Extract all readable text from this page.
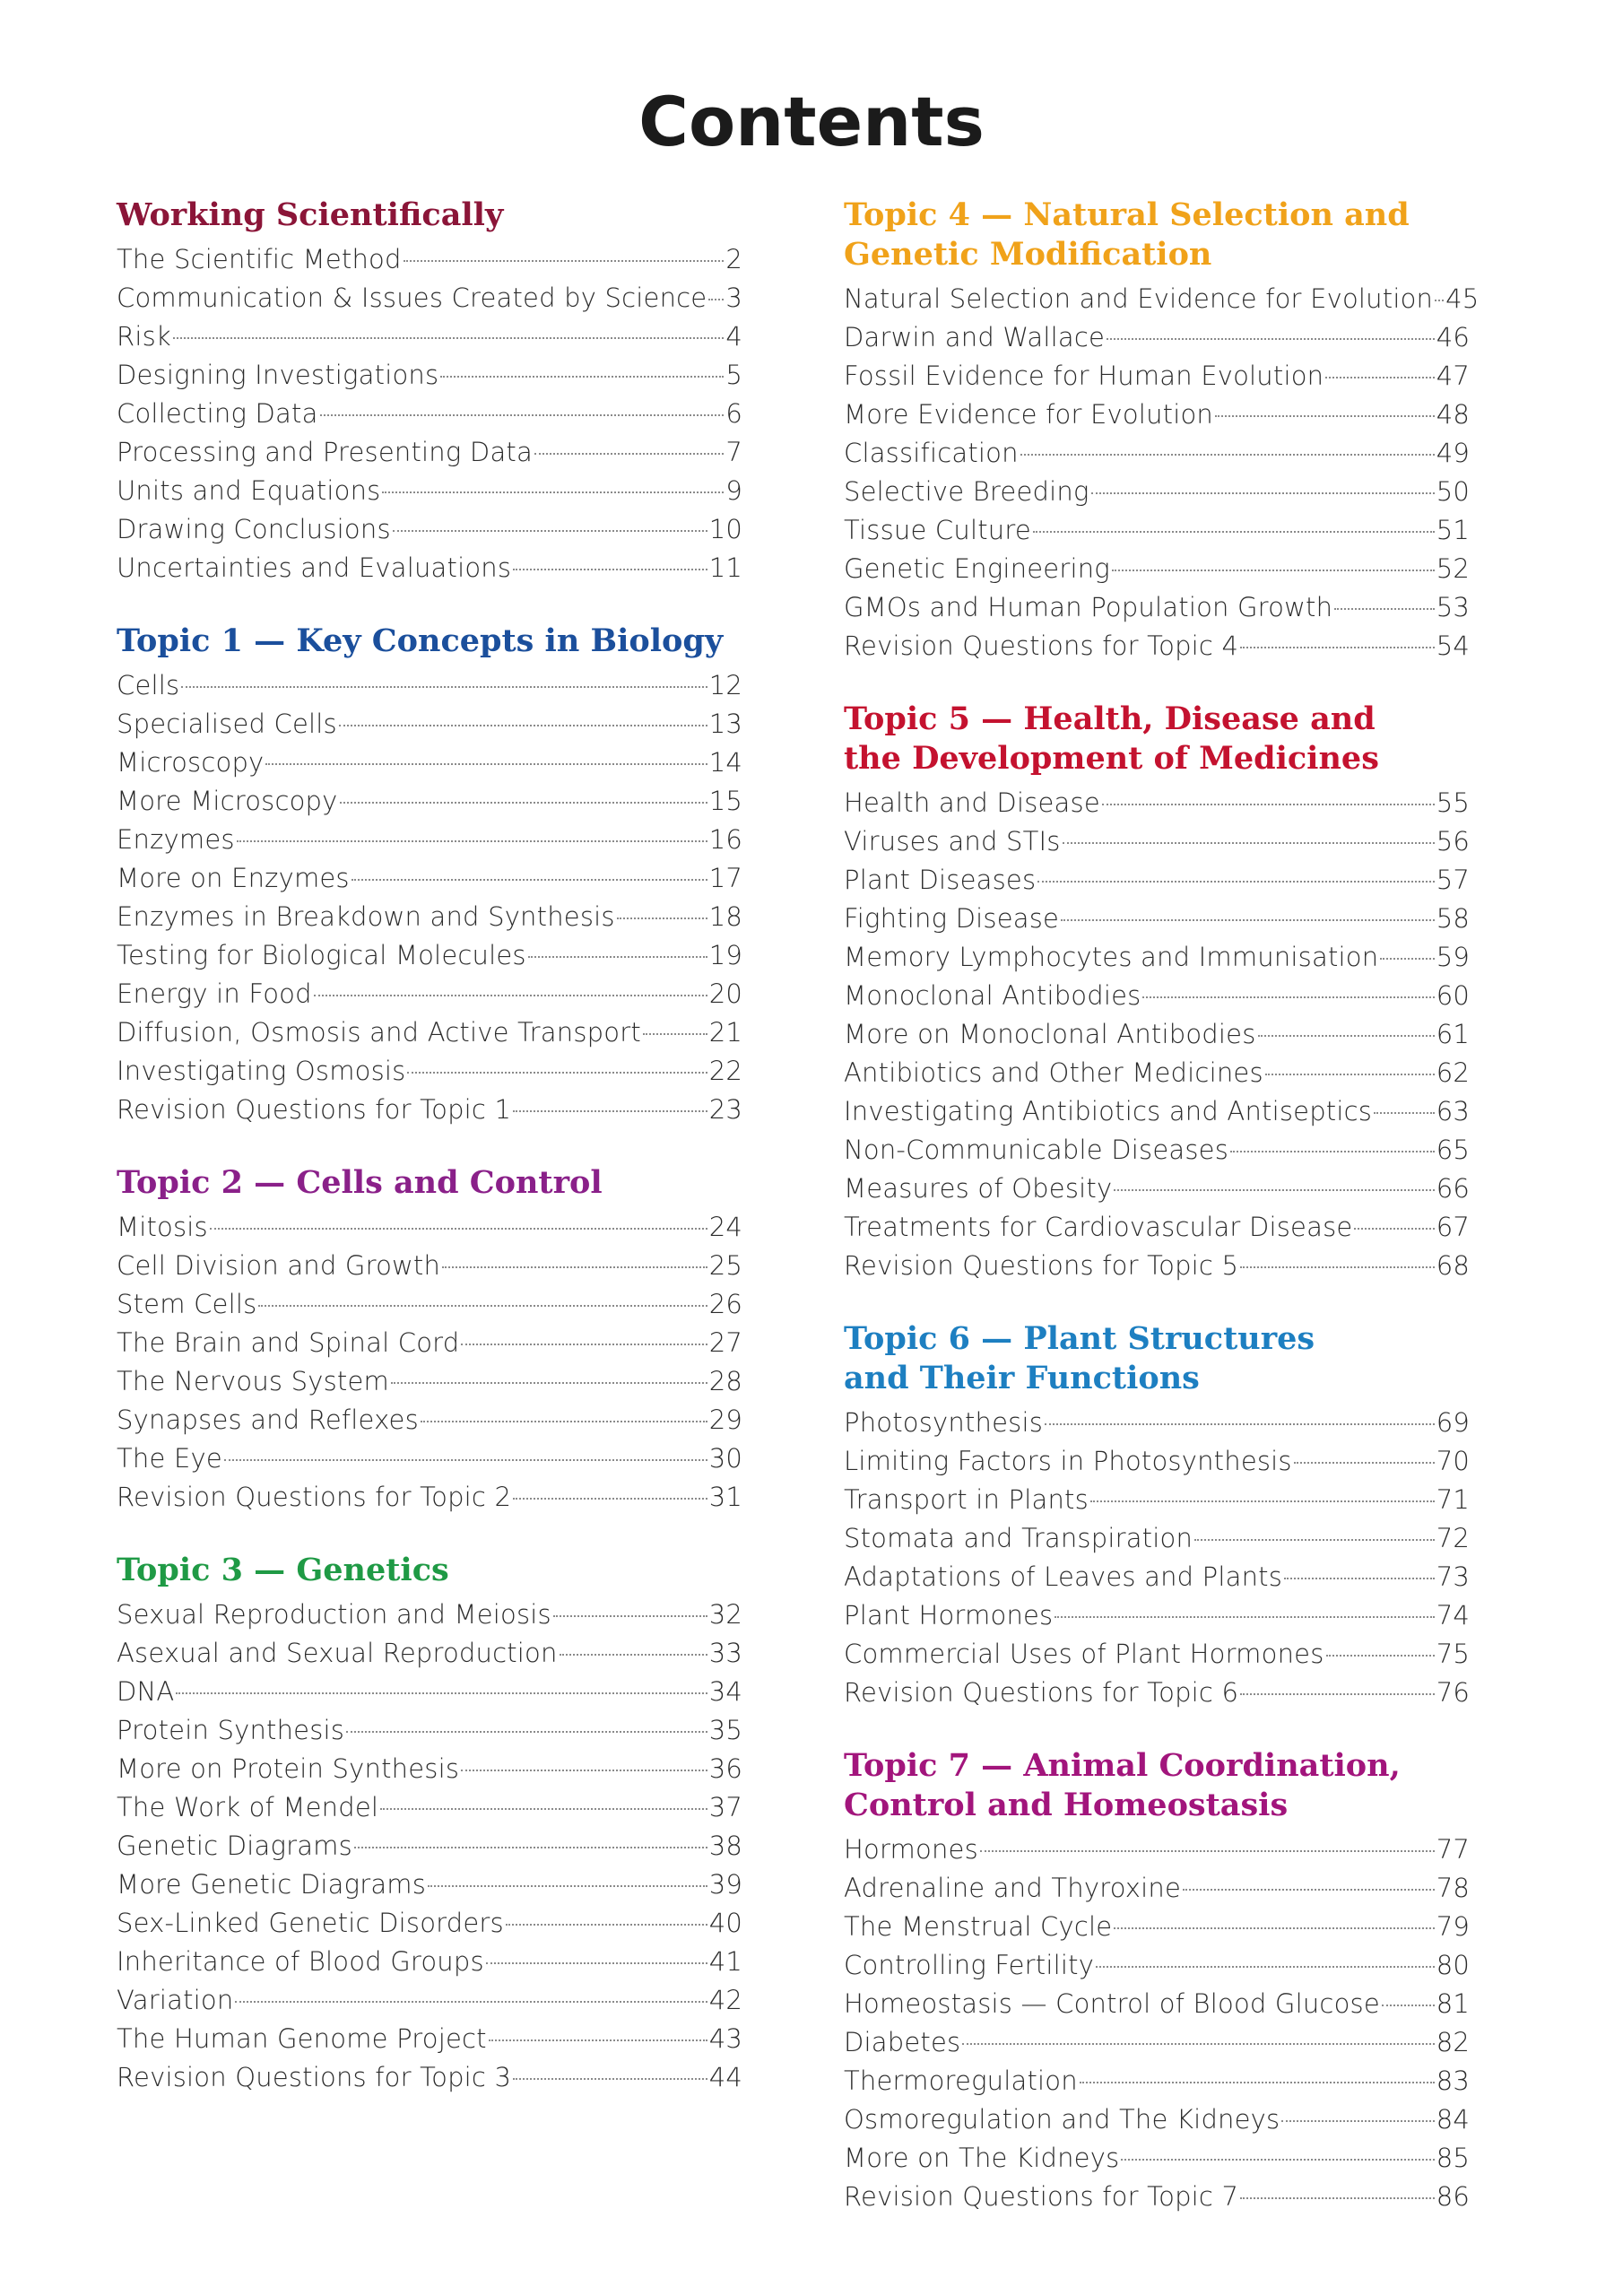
Contents
Working Scientifically
The Scientific Method	2
Communication & Issues Created by Science 3
Risk	4
Designing Investigations	5
Collecting Data	6
Processing and Presenting Data	7
Units and Equations	9
Drawing Conclusions	10
Uncertainties and Evaluations	11
Topic 1 — Key Concepts in Biology
Cells	12
Specialised Cells	13
Microscopy	14
More Microscopy	15
Enzymes	16
More on Enzymes	17
Enzymes in Breakdown and Synthesis	18
Testing for Biological Molecules	19
Energy in Food	20
Diffusion, Osmosis and Active Transport	21
Investigating Osmosis	22
Revision Questions for Topic 1	23
Topic 2 — Cells and Control
Mitosis	24
Cell Division and Growth	25
Stem Cells	26
The Brain and Spinal Cord	27
The Nervous System	28
Synapses and Reflexes	29
The Eye	30
Revision Questions for Topic 2	31
Topic 3 — Genetics
Sexual Reproduction and Meiosis	32
Asexual and Sexual Reproduction	33
DNA	34
Protein Synthesis	35
More on Protein Synthesis	36
The Work of Mendel	37
Genetic Diagrams	38
More Genetic Diagrams	39
Sex-Linked Genetic Disorders	40
Inheritance of Blood Groups	41
Variation	42
The Human Genome Project	43
Revision Questions for Topic 3	44
Topic 4 — Natural Selection and
Genetic Modification
Natural Selection and Evidence for Evolution 45
Darwin and Wallace	46
Fossil Evidence for Human Evolution	47
More Evidence for Evolution	48
Classification	49
Selective Breeding	50
Tissue Culture	51
Genetic Engineering	52
GMOs and Human Population Growth	53
Revision Questions for Topic 4	54
Topic 5 — Health, Disease and
the Development of Medicines
Health and Disease	55
Viruses and STIs	56
Plant Diseases	57
Fighting Disease	58
Memory Lymphocytes and Immunisation 59
Monoclonal Antibodies	60
More on Monoclonal Antibodies	61
Antibiotics and Other Medicines	62
Investigating Antibiotics and Antiseptics 63
Non-Communicable Diseases	65
Measures of Obesity	66
Treatments for Cardiovascular Disease	67
Revision Questions for Topic 5	68
Topic 6 — Plant Structures
and Their Functions
Photosynthesis	69
Limiting Factors in Photosynthesis	70
Transport in Plants	71
Stomata and Transpiration	72
Adaptations of Leaves and Plants	73
Plant Hormones	74
Commercial Uses of Plant Hormones	75
Revision Questions for Topic 6	76
Topic 7 — Animal Coordination,
Control and Homeostasis
Hormones	77
Adrenaline and Thyroxine	78
The Menstrual Cycle	79
Controlling Fertility	80
Homeostasis — Control of Blood Glucose 81
Diabetes	82
Thermoregulation	83
Osmoregulation and The Kidneys	84
More on The Kidneys	85
Revision Questions for Topic 7	86
